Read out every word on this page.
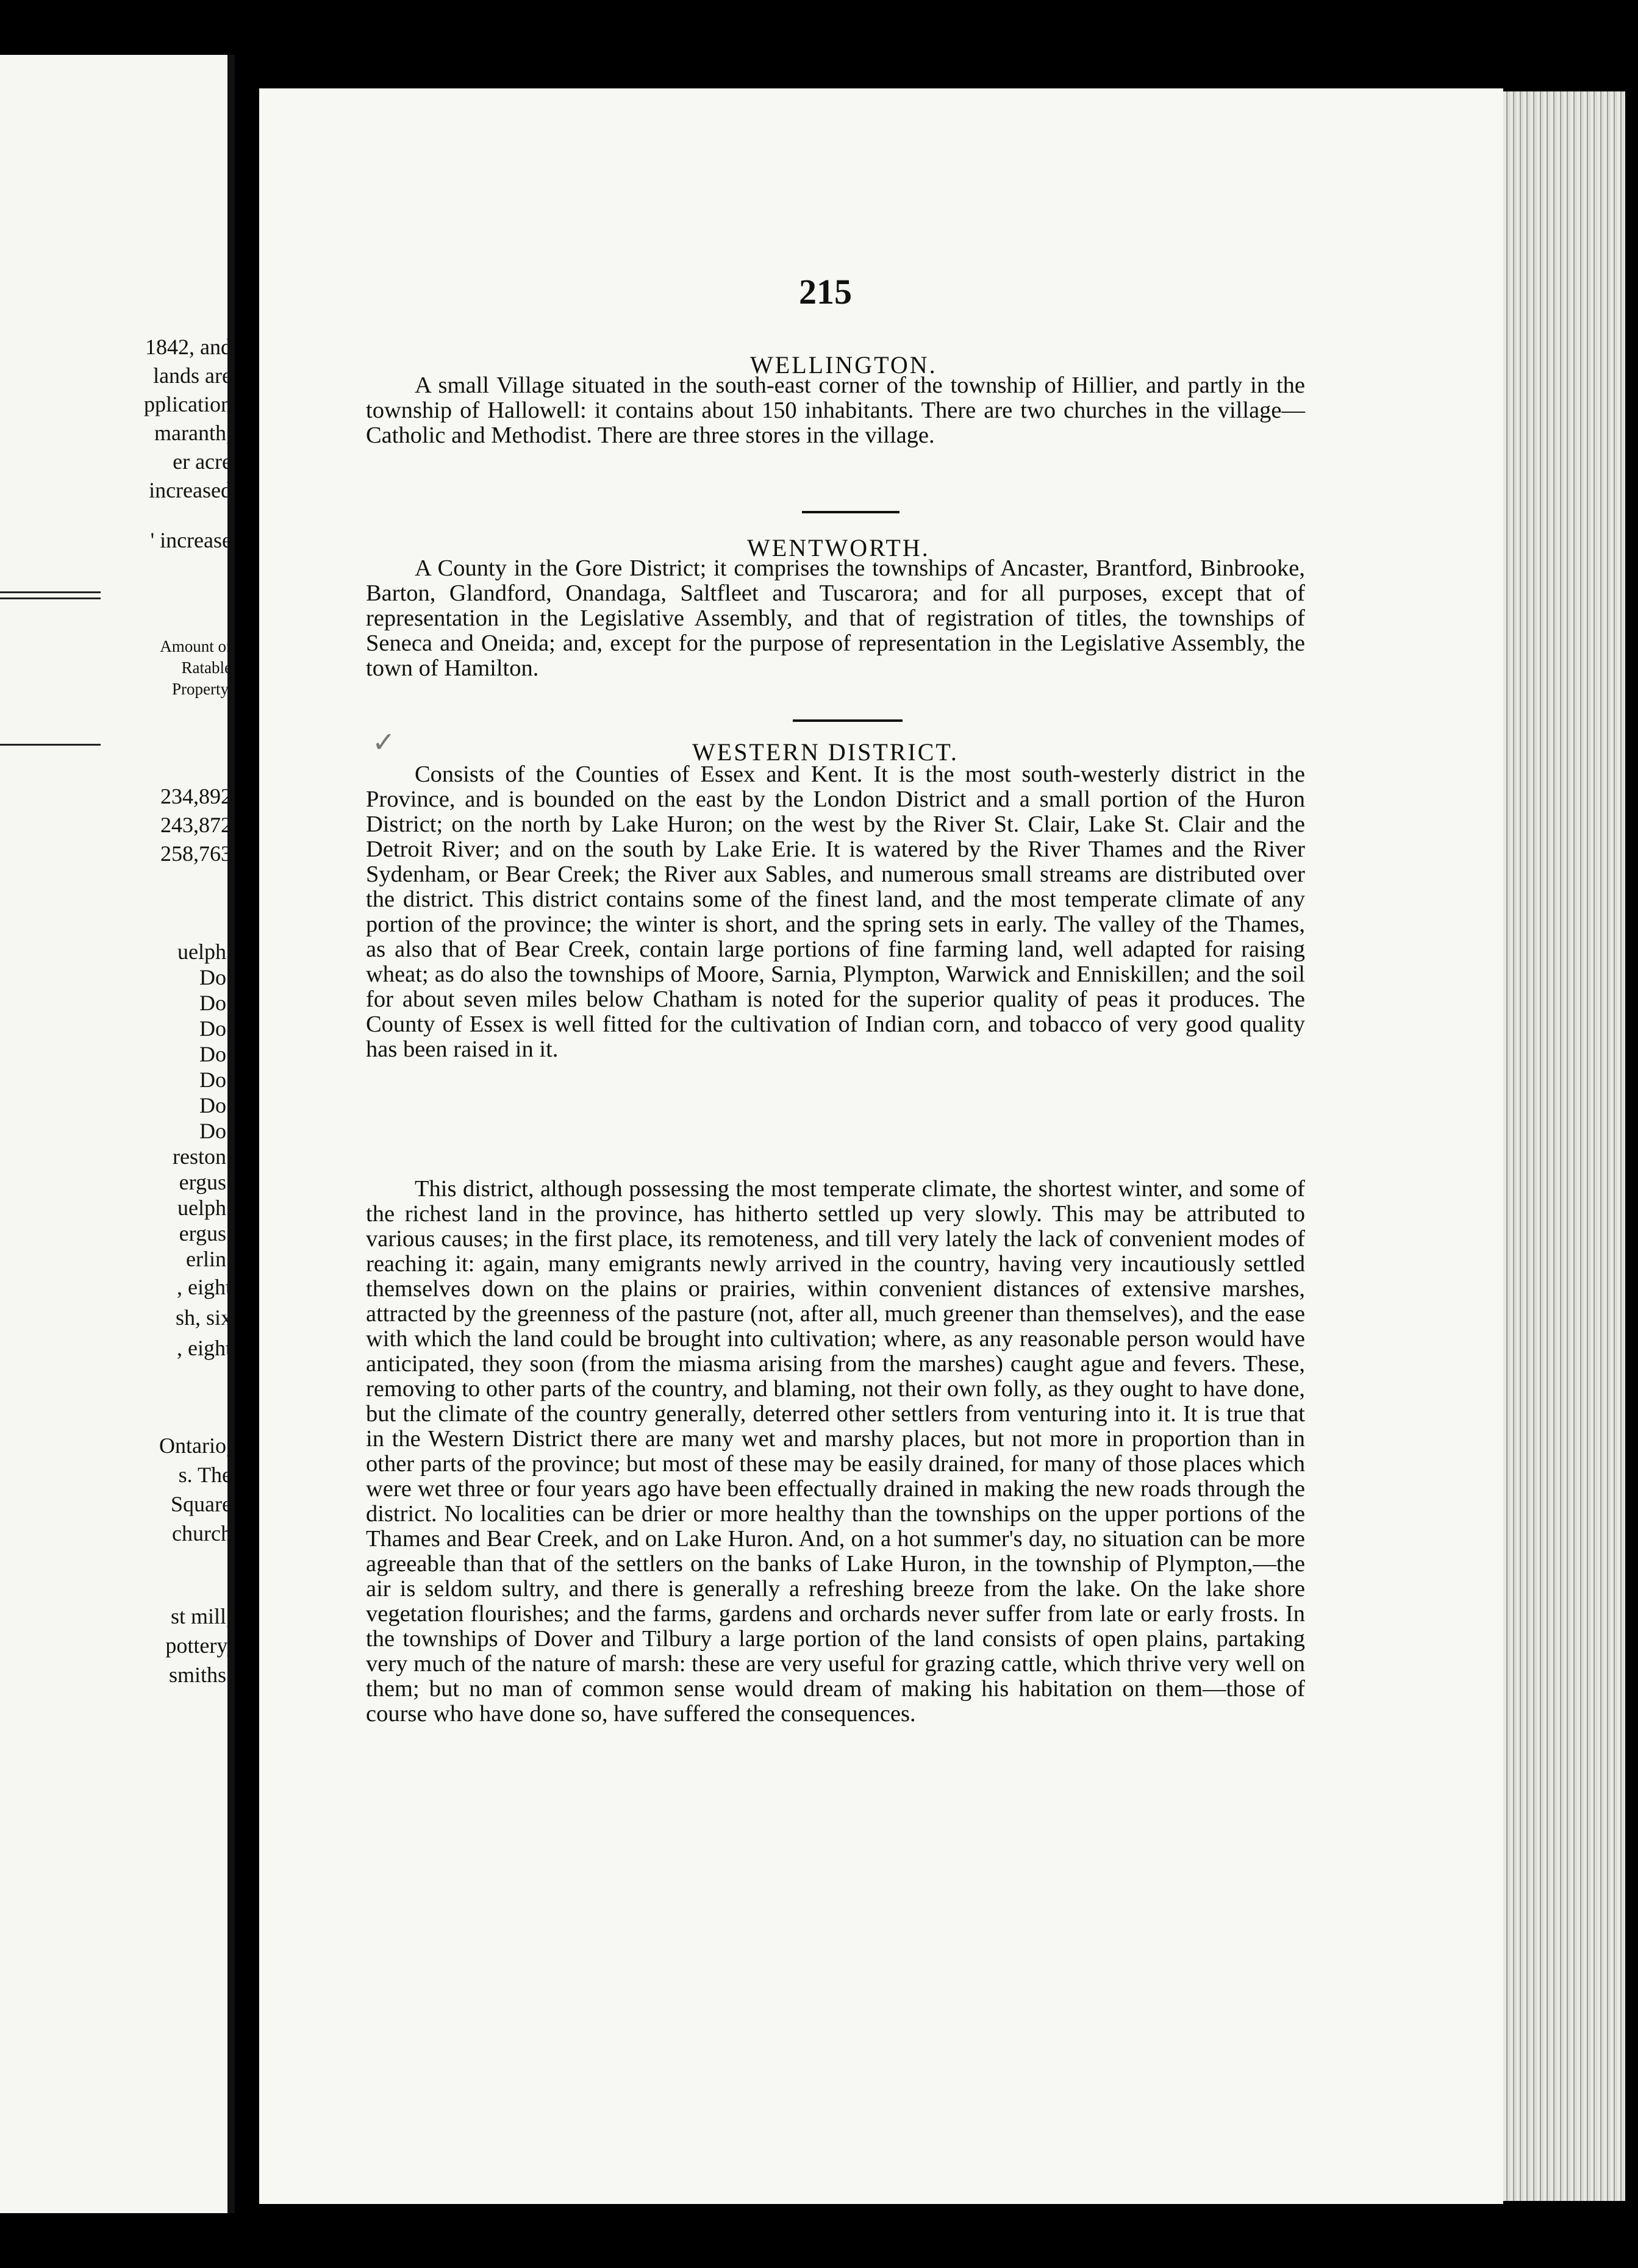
1842, and
lands are
pplication
maranth,
er acre
increased
' increase
Amount of
Ratable
Property.
234,892
243,872
258,763
uelph.
Do.
Do.
Do.
Do.
Do.
Do.
Do.
reston.
ergus.
uelph.
ergus.
erlin.
, eight
sh, six
, eight
Ontario,
s. The
Square
church
st mill,
pottery,
smiths.
215
WELLINGTON.
A small Village situated in the south-east corner of the township of Hillier, and partly in the township of Hallowell: it contains about 150 inhabitants. There are two churches in the village—Catholic and Methodist. There are three stores in the village.
WENTWORTH.
A County in the Gore District; it comprises the townships of Ancaster, Brantford, Binbrooke, Barton, Glandford, Onandaga, Saltfleet and Tuscarora; and for all purposes, except that of representation in the Legislative Assembly, and that of registration of titles, the townships of Seneca and Oneida; and, except for the purpose of representation in the Legislative Assembly, the town of Hamilton.
✓	WESTERN DISTRICT.
Consists of the Counties of Essex and Kent. It is the most south-westerly district in the Province, and is bounded on the east by the London District and a small portion of the Huron District; on the north by Lake Huron; on the west by the River St. Clair, Lake St. Clair and the Detroit River; and on the south by Lake Erie. It is watered by the River Thames and the River Sydenham, or Bear Creek; the River aux Sables, and numerous small streams are distributed over the district. This district contains some of the finest land, and the most temperate climate of any portion of the province; the winter is short, and the spring sets in early. The valley of the Thames, as also that of Bear Creek, contain large portions of fine farming land, well adapted for raising wheat; as do also the townships of Moore, Sarnia, Plympton, Warwick and Enniskillen; and the soil for about seven miles below Chatham is noted for the superior quality of peas it produces. The County of Essex is well fitted for the cultivation of Indian corn, and tobacco of very good quality has been raised in it.
This district, although possessing the most temperate climate, the shortest winter, and some of the richest land in the province, has hitherto settled up very slowly. This may be attributed to various causes; in the first place, its remoteness, and till very lately the lack of convenient modes of reaching it: again, many emigrants newly arrived in the country, having very incautiously settled themselves down on the plains or prairies, within convenient distances of extensive marshes, attracted by the greenness of the pasture (not, after all, much greener than themselves), and the ease with which the land could be brought into cultivation; where, as any reasonable person would have anticipated, they soon (from the miasma arising from the marshes) caught ague and fevers. These, removing to other parts of the country, and blaming, not their own folly, as they ought to have done, but the climate of the country generally, deterred other settlers from venturing into it. It is true that in the Western District there are many wet and marshy places, but not more in proportion than in other parts of the province; but most of these may be easily drained, for many of those places which were wet three or four years ago have been effectually drained in making the new roads through the district. No localities can be drier or more healthy than the townships on the upper portions of the Thames and Bear Creek, and on Lake Huron. And, on a hot summer's day, no situation can be more agreeable than that of the settlers on the banks of Lake Huron, in the township of Plympton,—the air is seldom sultry, and there is generally a refreshing breeze from the lake. On the lake shore vegetation flourishes; and the farms, gardens and orchards never suffer from late or early frosts. In the townships of Dover and Tilbury a large portion of the land consists of open plains, partaking very much of the nature of marsh: these are very useful for grazing cattle, which thrive very well on them; but no man of common sense would dream of making his habitation on them—those of course who have done so, have suffered the consequences.
